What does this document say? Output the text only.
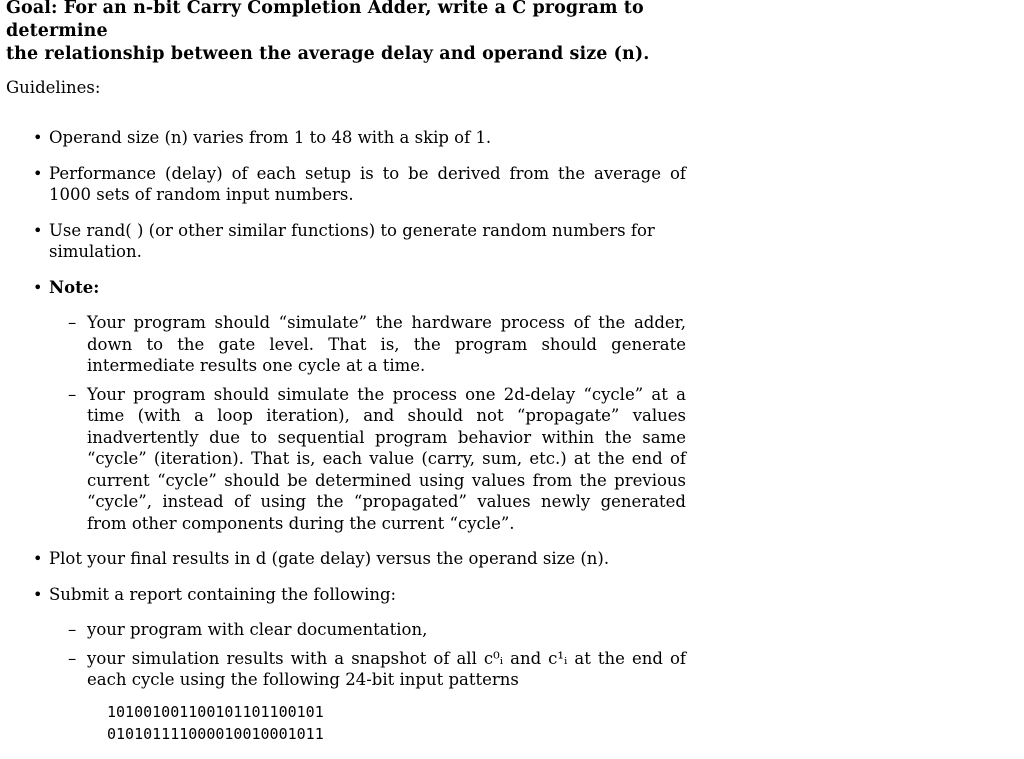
Goal: For an n-bit Carry Completion Adder, write a C program to determine
the relationship between the average delay and operand size (n).
Guidelines:
• Operand size (n) varies from 1 to 48 with a skip of 1.
• Performance (delay) of each setup is to be derived from the average of 1000 sets of random input numbers.
• Use rand( ) (or other similar functions) to generate random numbers for simulation.
• Note:
– Your program should “simulate” the hardware process of the adder, down to the gate level. That is, the program should generate intermediate results one cycle at a time.
– Your program should simulate the process one 2d-delay “cycle” at a time (with a loop iteration), and should not “propagate” values inadvertently due to sequential program behavior within the same “cycle” (iteration). That is, each value (carry, sum, etc.) at the end of current “cycle” should be determined using values from the previous “cycle”, instead of using the “propagated” values newly generated from other components during the current “cycle”.
• Plot your final results in d (gate delay) versus the operand size (n).
• Submit a report containing the following:
– your program with clear documentation,
– your simulation results with a snapshot of all c⁰ᵢ and c¹ᵢ at the end of each cycle using the following 24-bit input patterns
101001001100101101100101
010101111000010010001011
